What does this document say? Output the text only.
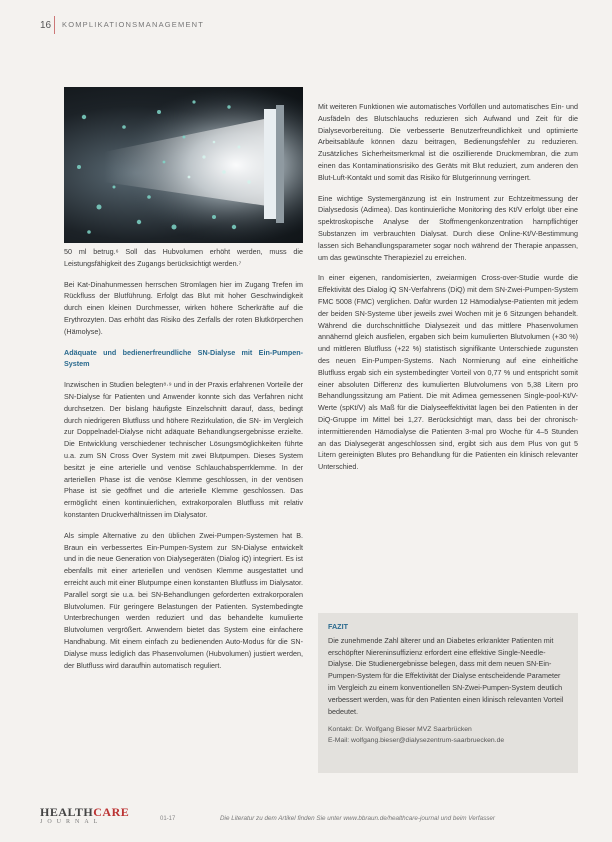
16 KOMPLIKATIONSMANAGEMENT

50 ml betrug.⁶ Soll das Hubvolumen erhöht werden, muss die Leistungsfähigkeit des Zugangs berücksichtigt werden.⁷

Bei Kat-Dinahunmessen herrschen Stromlagen hier im Zugang Trefen im Rückfluss der Blutführung. Erfolgt das Blut mit hoher Geschwindigkeit durch einen kleinen Durchmesser, wirken höhere Scherkräfte auf die Erythrozyten. Das erhöht das Risiko des Zerfalls der roten Blutkörperchen (Hämolyse).

Adäquate und bedienerfreundliche SN-Dialyse mit Ein-Pumpen-System

Inzwischen in Studien belegten⁸·⁹ und in der Praxis erfahrenen Vorteile der SN-Dialyse für Patienten und Anwender konnte sich das Verfahren nicht durchsetzen. Der bislang häufigste Einzelschnitt darauf, dass, bedingt durch niedrigeren Blutfluss und höhere Rezirkulation, die SN- im Vergleich zur Doppelnadel-Dialyse nicht adäquate Behandlungsergebnisse erzielte. Die Entwicklung verschiedener technischer Lösungsmöglichkeiten führte u.a. zum SN Cross Over System mit zwei Blutpumpen. Dieses System besitzt je eine arterielle und venöse Schlauchabsperrklemme. In der arteriellen Phase ist die venöse Klemme geschlossen, in der venösen Phase ist sie geöffnet und die arterielle Klemme geschlossen. Das ermöglicht einen kontinuierlichen, extrakorporalen Blutfluss mit relativ konstanten Druckverhältnissen im Dialysator.

Als simple Alternative zu den üblichen Zwei-Pumpen-Systemen hat B. Braun ein verbessertes Ein-Pumpen-System zur SN-Dialyse entwickelt und in die neue Generation von Dialysegeräten (Dialog iQ) integriert. Es ist ebenfalls mit einer arteriellen und venösen Klemme ausgestattet und erreicht auch mit einer Blutpumpe einen konstanten Blutfluss im Dialysator. Parallel sorgt sie u.a. bei SN-Behandlungen geforderten extrakorporalen Blutvolumen. Für geringere Belastungen der Patienten. Systembedingte Unterbrechungen werden reduziert und das behandelte kumulierte Blutvolumen vergrößert. Anwendern bietet das System eine einfachere Handhabung. Mit einem einfach zu bedienenden Auto-Modus für die SN-Dialyse muss lediglich das Phasenvolumen (Hubvolumen) justiert werden, der Blutfluss wird daraufhin automatisch reguliert.

Mit weiteren Funktionen wie automatisches Vorfüllen und automatisches Ein- und Ausfädeln des Blutschlauchs reduzieren sich Aufwand und Zeit für die Dialysevorbereitung. Die verbesserte Benutzerfreundlichkeit und optimierte Arbeitsabläufe können dazu beitragen, Bedienungsfehler zu reduzieren. Zusätzliches Sicherheitsmerkmal ist die oszillierende Druckmembran, die zum einen das Kontaminationsrisiko des Geräts mit Blut reduziert, zum anderen den Blut-Luft-Kontakt und somit das Risiko für Blutgerinnung verringert.

Eine wichtige Systemergänzung ist ein Instrument zur Echtzeitmessung der Dialysedosis (Adimea). Das kontinuierliche Monitoring des Kt/V erfolgt über eine spektroskopische Analyse der Stoffmengenkonzentration harnpflichtiger Substanzen im verbrauchten Dialysat. Durch diese Online-Kt/V-Bestimmung lassen sich Behandlungsparameter sogar noch während der Therapie anpassen, um das gewünschte Therapieziel zu erreichen.

In einer eigenen, randomisierten, zweiarmigen Cross-over-Studie wurde die Effektivität des Dialog iQ SN-Verfahrens (DiQ) mit dem SN-Zwei-Pumpen-System FMC 5008 (FMC) verglichen. Dafür wurden 12 Hämodialyse-Patienten mit jedem der beiden SN-Systeme über jeweils zwei Wochen mit je 6 Sitzungen behandelt. Während die durchschnittliche Dialysezeit und das mittlere Phasenvolumen annähernd gleich ausfielen, ergaben sich beim kumulierten Blutvolumen (+30 %) und mittleren Blutfluss (+22 %) statistisch signifikante Unterschiede zugunsten des neuen Ein-Pumpen-Systems. Nach Normierung auf eine einheitliche Blutfluss ergab sich ein systembedingter Vorteil von 0,77 % und entspricht somit einer absoluten Differenz des kumulierten Blutvolumens von 5,38 Litern pro Behandlungssitzung am Patient. Die mit Adimea gemessenen Single-pool-Kt/V-Werte (spKt/V) als Maß für die Dialyseeffektivität lagen bei den Patienten in der DiQ-Gruppe im Mittel bei 1,27. Berücksichtigt man, dass bei der chronisch-intermittierenden Hämodialyse die Patienten 3-mal pro Woche für 4–5 Stunden an das Dialysegerät angeschlossen sind, ergibt sich aus dem Plus von gut 5 Litern gereinigten Blutes pro Behandlung für die Patienten ein klinisch relevanter Unterschied.

FAZIT
Die zunehmende Zahl älterer und an Diabetes erkrankter Patienten mit erschöpfter Niereninsuffizienz erfordert eine effektive Single-Needle-Dialyse. Die Studienergebnisse belegen, dass mit dem neuen SN-Ein-Pumpen-System für die Effektivität der Dialyse entscheidende Parameter im Vergleich zu einem konventionellen SN-Zwei-Pumpen-System deutlich verbessert werden, was für den Patienten einen klinisch relevanten Vorteil bedeutet.
Kontakt: Dr. Wolfgang Bieser MVZ Saarbrücken
E-Mail: wolfgang.bieser@dialysezentrum-saarbruecken.de
HEALTHCARE
JOURNAL	01-17	Die Literatur zu dem Artikel finden Sie unter www.bbraun.de/healthcare-journal und beim Verfasser
